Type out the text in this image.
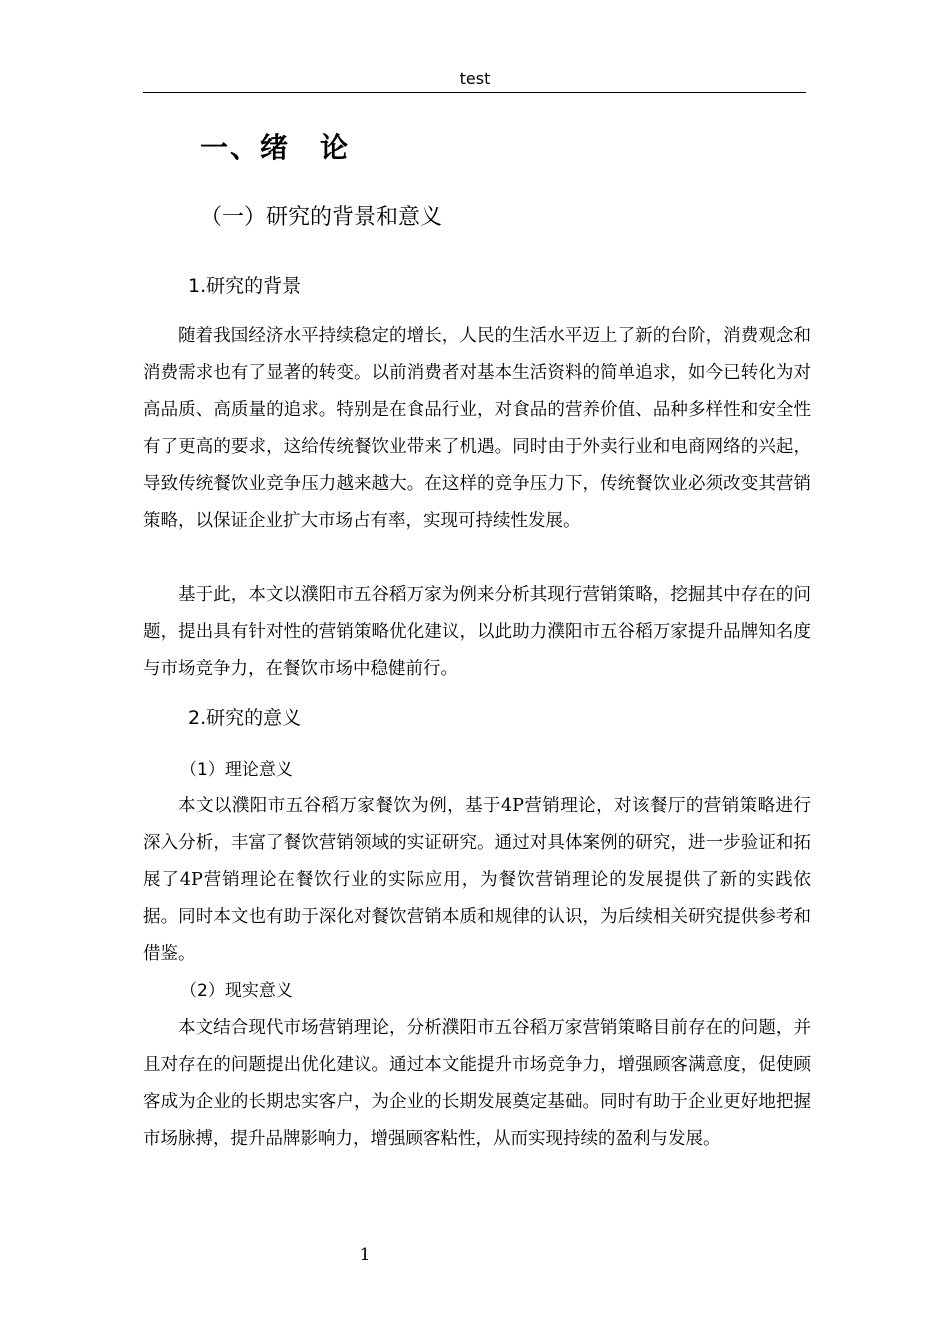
test
一、绪　论
（一）研究的背景和意义
1.研究的背景

随着我国经济水平持续稳定的增长，人民的生活水平迈上了新的台阶，消费观念和消费需求也有了显著的转变。以前消费者对基本生活资料的简单追求，如今已转化为对高品质、高质量的追求。特别是在食品行业，对食品的营养价值、品种多样性和安全性有了更高的要求，这给传统餐饮业带来了机遇。同时由于外卖行业和电商网络的兴起，导致传统餐饮业竞争压力越来越大。在这样的竞争压力下，传统餐饮业必须改变其营销策略，以保证企业扩大市场占有率，实现可持续性发展。

基于此，本文以濮阳市五谷稻万家为例来分析其现行营销策略，挖掘其中存在的问题，提出具有针对性的营销策略优化建议，以此助力濮阳市五谷稻万家提升品牌知名度与市场竞争力，在餐饮市场中稳健前行。

2.研究的意义
（1）理论意义

本文以濮阳市五谷稻万家餐饮为例，基于4P营销理论，对该餐厅的营销策略进行深入分析，丰富了餐饮营销领域的实证研究。通过对具体案例的研究，进一步验证和拓展了4P营销理论在餐饮行业的实际应用，为餐饮营销理论的发展提供了新的实践依据。同时本文也有助于深化对餐饮营销本质和规律的认识，为后续相关研究提供参考和借鉴。

（2）现实意义

本文结合现代市场营销理论，分析濮阳市五谷稻万家营销策略目前存在的问题，并且对存在的问题提出优化建议。通过本文能提升市场竞争力，增强顾客满意度，促使顾客成为企业的长期忠实客户，为企业的长期发展奠定基础。同时有助于企业更好地把握市场脉搏，提升品牌影响力，增强顾客粘性，从而实现持续的盈利与发展。

1
